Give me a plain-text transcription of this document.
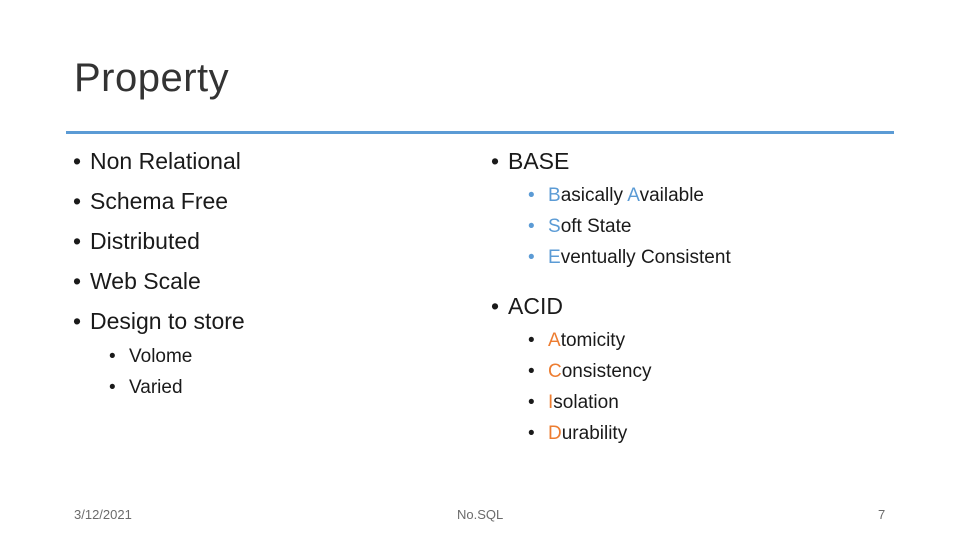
Property
• Non Relational
• Schema Free
• Distributed
• Web Scale
• Design to store
• Volome
• Varied
• BASE
• Basically Available
• Soft State
• Eventually Consistent
• ACID
• Atomicity
• Consistency
• Isolation
• Durability
3/12/2021	No.SQL	7
